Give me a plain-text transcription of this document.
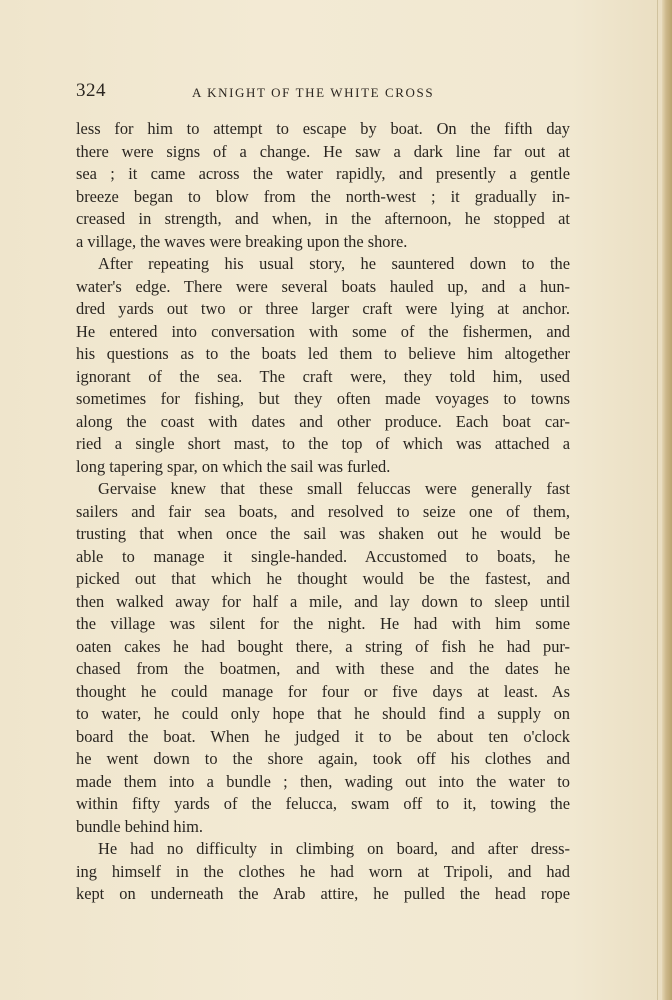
324	A KNIGHT OF THE WHITE CROSS
less for him to attempt to escape by boat. On the fifth day
there were signs of a change. He saw a dark line far out at
sea ; it came across the water rapidly, and presently a gentle
breeze began to blow from the north-west ; it gradually in-
creased in strength, and when, in the afternoon, he stopped at
a village, the waves were breaking upon the shore.
After repeating his usual story, he sauntered down to the
water's edge. There were several boats hauled up, and a hun-
dred yards out two or three larger craft were lying at anchor.
He entered into conversation with some of the fishermen, and
his questions as to the boats led them to believe him altogether
ignorant of the sea. The craft were, they told him, used
sometimes for fishing, but they often made voyages to towns
along the coast with dates and other produce. Each boat car-
ried a single short mast, to the top of which was attached a
long tapering spar, on which the sail was furled.
Gervaise knew that these small feluccas were generally fast
sailers and fair sea boats, and resolved to seize one of them,
trusting that when once the sail was shaken out he would be
able to manage it single-handed. Accustomed to boats, he
picked out that which he thought would be the fastest, and
then walked away for half a mile, and lay down to sleep until
the village was silent for the night. He had with him some
oaten cakes he had bought there, a string of fish he had pur-
chased from the boatmen, and with these and the dates he
thought he could manage for four or five days at least. As
to water, he could only hope that he should find a supply on
board the boat. When he judged it to be about ten o'clock
he went down to the shore again, took off his clothes and
made them into a bundle ; then, wading out into the water to
within fifty yards of the felucca, swam off to it, towing the
bundle behind him.
He had no difficulty in climbing on board, and after dress-
ing himself in the clothes he had worn at Tripoli, and had
kept on underneath the Arab attire, he pulled the head rope
